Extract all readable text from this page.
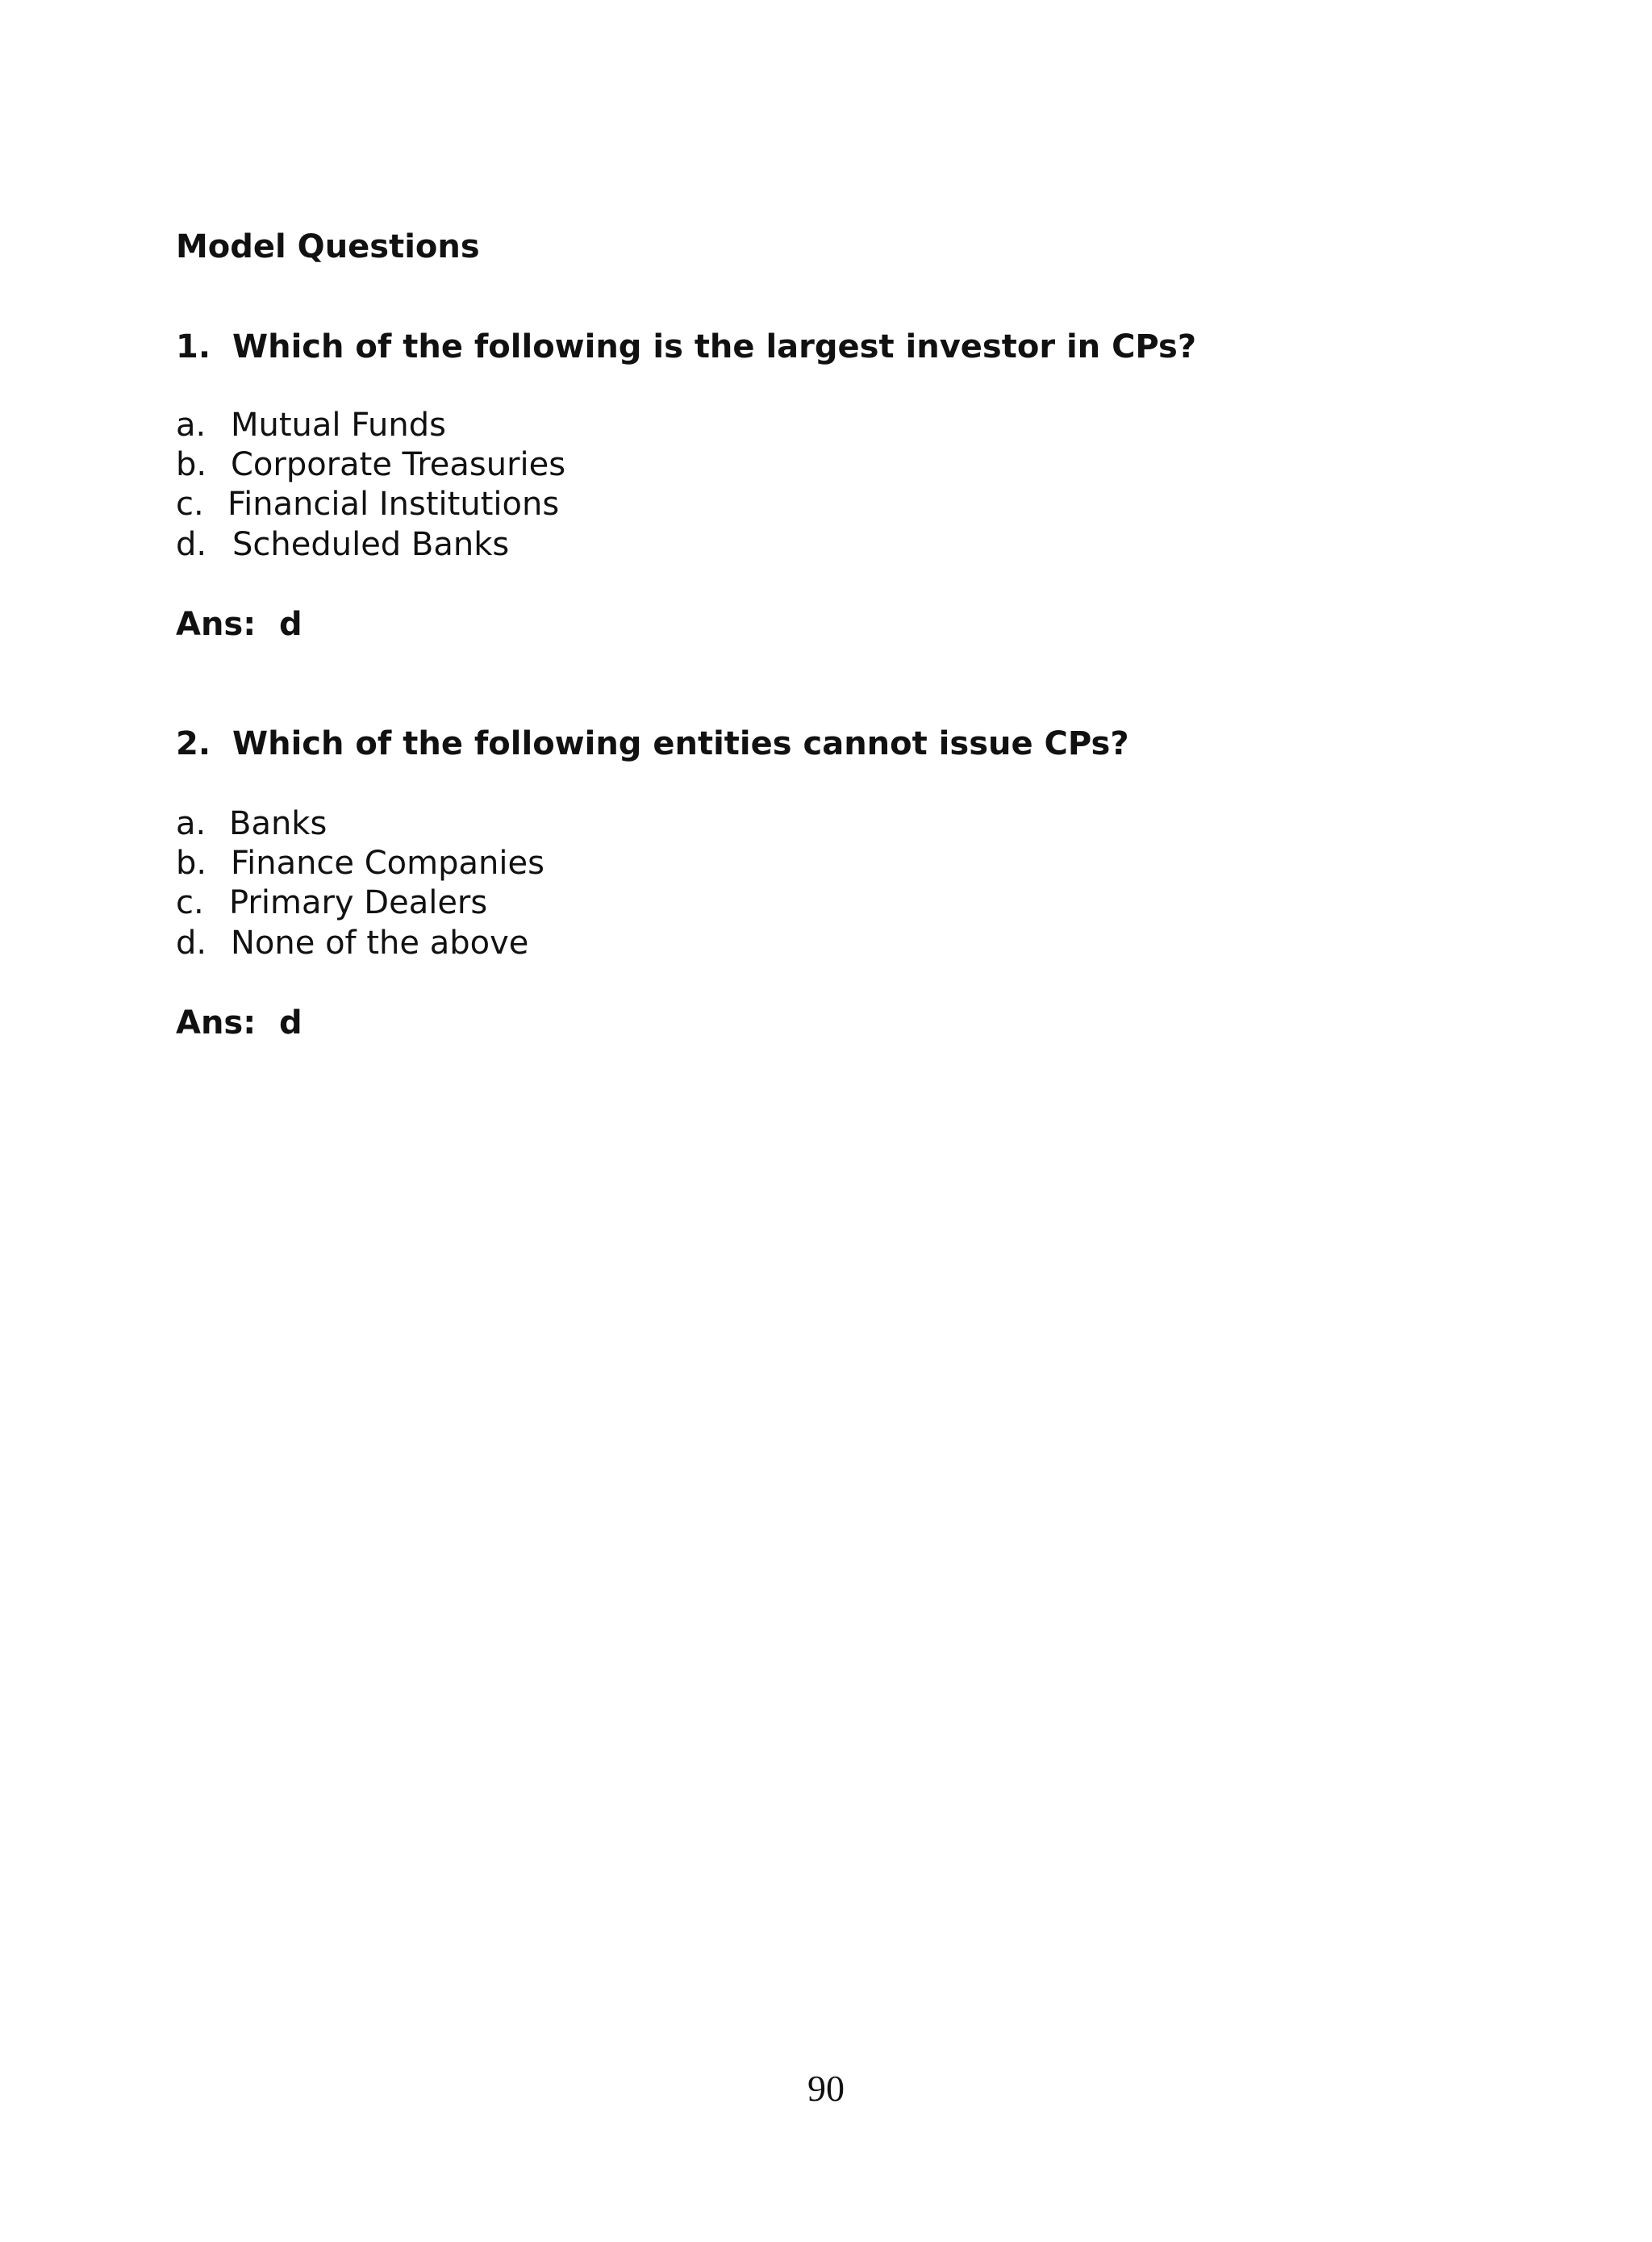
Model Questions
1. Which of the following is the largest investor in CPs?
a. Mutual Funds
b. Corporate Treasuries
c. Financial Institutions
d. Scheduled Banks
Ans: d
2. Which of the following entities cannot issue CPs?
a. Banks
b. Finance Companies
c. Primary Dealers
d. None of the above
Ans: d
90
